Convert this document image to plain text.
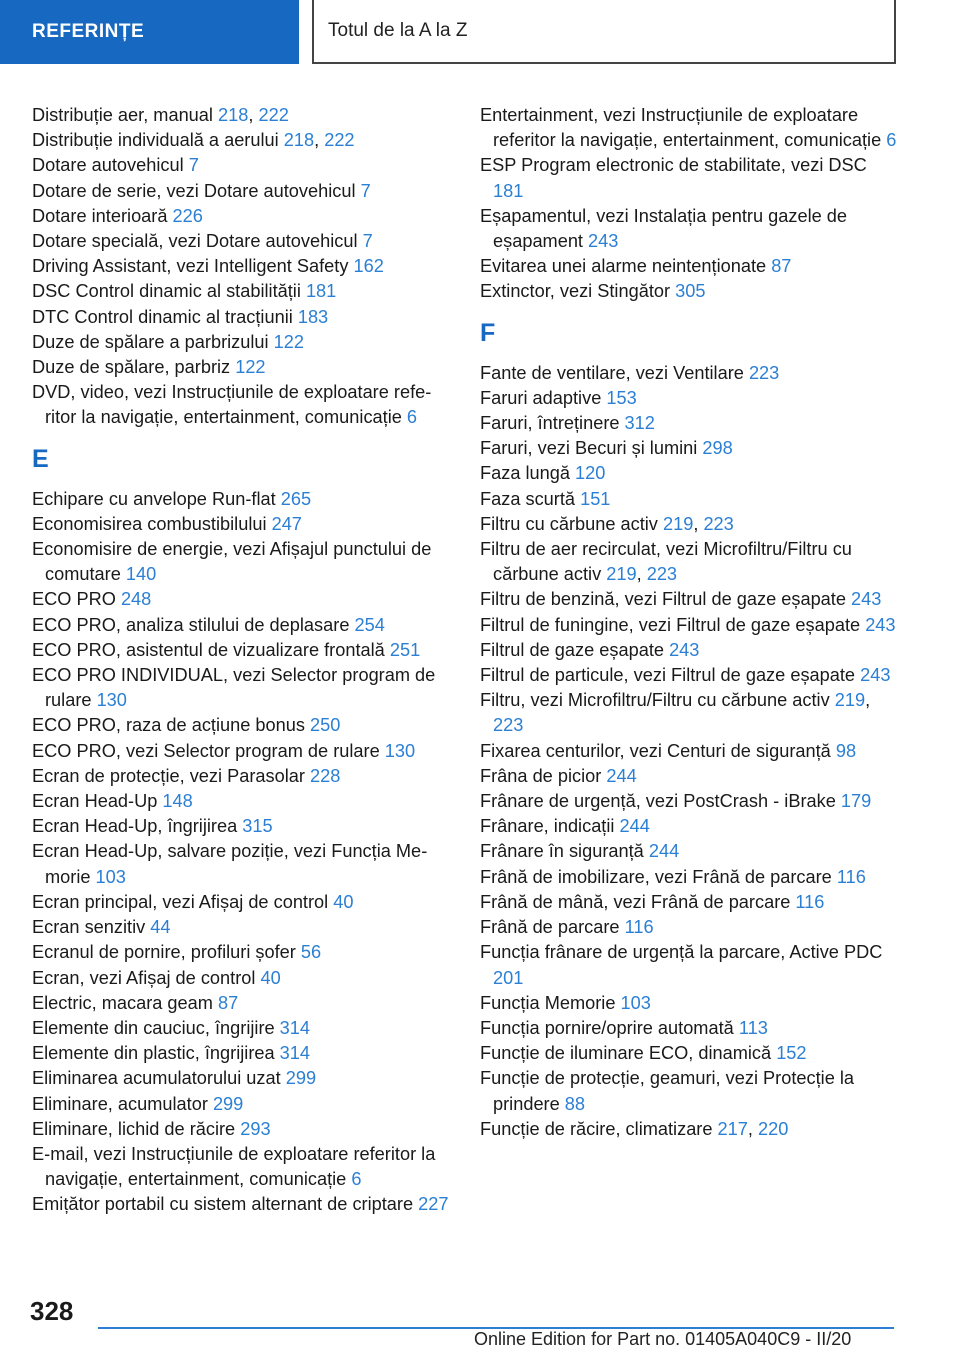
REFERINȚE	Totul de la A la Z
Distribuție aer, manual 218, 222
Distribuție individuală a aerului 218, 222
Dotare autovehicul 7
Dotare de serie, vezi Dotare autovehicul 7
Dotare interioară 226
Dotare specială, vezi Dotare autovehicul 7
Driving Assistant, vezi Intelligent Safety 162
DSC Control dinamic al stabilității 181
DTC Control dinamic al tracțiunii 183
Duze de spălare a parbrizului 122
Duze de spălare, parbriz 122
DVD, video, vezi Instrucțiunile de exploatare referitor la navigație, entertainment, comunicație 6
E
Echipare cu anvelope Run-flat 265
Economisirea combustibilului 247
Economisire de energie, vezi Afișajul punctului de comutare 140
ECO PRO 248
ECO PRO, analiza stilului de deplasare 254
ECO PRO, asistentul de vizualizare frontală 251
ECO PRO INDIVIDUAL, vezi Selector program de rulare 130
ECO PRO, raza de acțiune bonus 250
ECO PRO, vezi Selector program de rulare 130
Ecran de protecție, vezi Parasolar 228
Ecran Head-Up 148
Ecran Head-Up, îngrijirea 315
Ecran Head-Up, salvare poziție, vezi Funcția Memorie 103
Ecran principal, vezi Afișaj de control 40
Ecran senzitiv 44
Ecranul de pornire, profiluri șofer 56
Ecran, vezi Afișaj de control 40
Electric, macara geam 87
Elemente din cauciuc, îngrijire 314
Elemente din plastic, îngrijirea 314
Eliminarea acumulatorului uzat 299
Eliminare, acumulator 299
Eliminare, lichid de răcire 293
E-mail, vezi Instrucțiunile de exploatare referitor la navigație, entertainment, comunicație 6
Emițător portabil cu sistem alternant de criptare 227
Entertainment, vezi Instrucțiunile de exploatare referitor la navigație, entertainment, comunicație 6
ESP Program electronic de stabilitate, vezi DSC 181
Eșapamentul, vezi Instalația pentru gazele de eșapament 243
Evitarea unei alarme neintenționate 87
Extinctor, vezi Stingător 305
F
Fante de ventilare, vezi Ventilare 223
Faruri adaptive 153
Faruri, întreținere 312
Faruri, vezi Becuri și lumini 298
Faza lungă 120
Faza scurtă 151
Filtru cu cărbune activ 219, 223
Filtru de aer recirculat, vezi Microfiltru/Filtru cu cărbune activ 219, 223
Filtru de benzină, vezi Filtrul de gaze eșapate 243
Filtrul de funingine, vezi Filtrul de gaze eșapate 243
Filtrul de gaze eșapate 243
Filtrul de particule, vezi Filtrul de gaze eșapate 243
Filtru, vezi Microfiltru/Filtru cu cărbune activ 219, 223
Fixarea centurilor, vezi Centuri de siguranță 98
Frâna de picior 244
Frânare de urgență, vezi PostCrash - iBrake 179
Frânare, indicații 244
Frânare în siguranță 244
Frână de imobilizare, vezi Frână de parcare 116
Frână de mână, vezi Frână de parcare 116
Frână de parcare 116
Funcția frânare de urgență la parcare, Active PDC 201
Funcția Memorie 103
Funcția pornire/oprire automată 113
Funcție de iluminare ECO, dinamică 152
Funcție de protecție, geamuri, vezi Protecție la prindere 88
Funcție de răcire, climatizare 217, 220
328
Online Edition for Part no. 01405A040C9 - II/20
